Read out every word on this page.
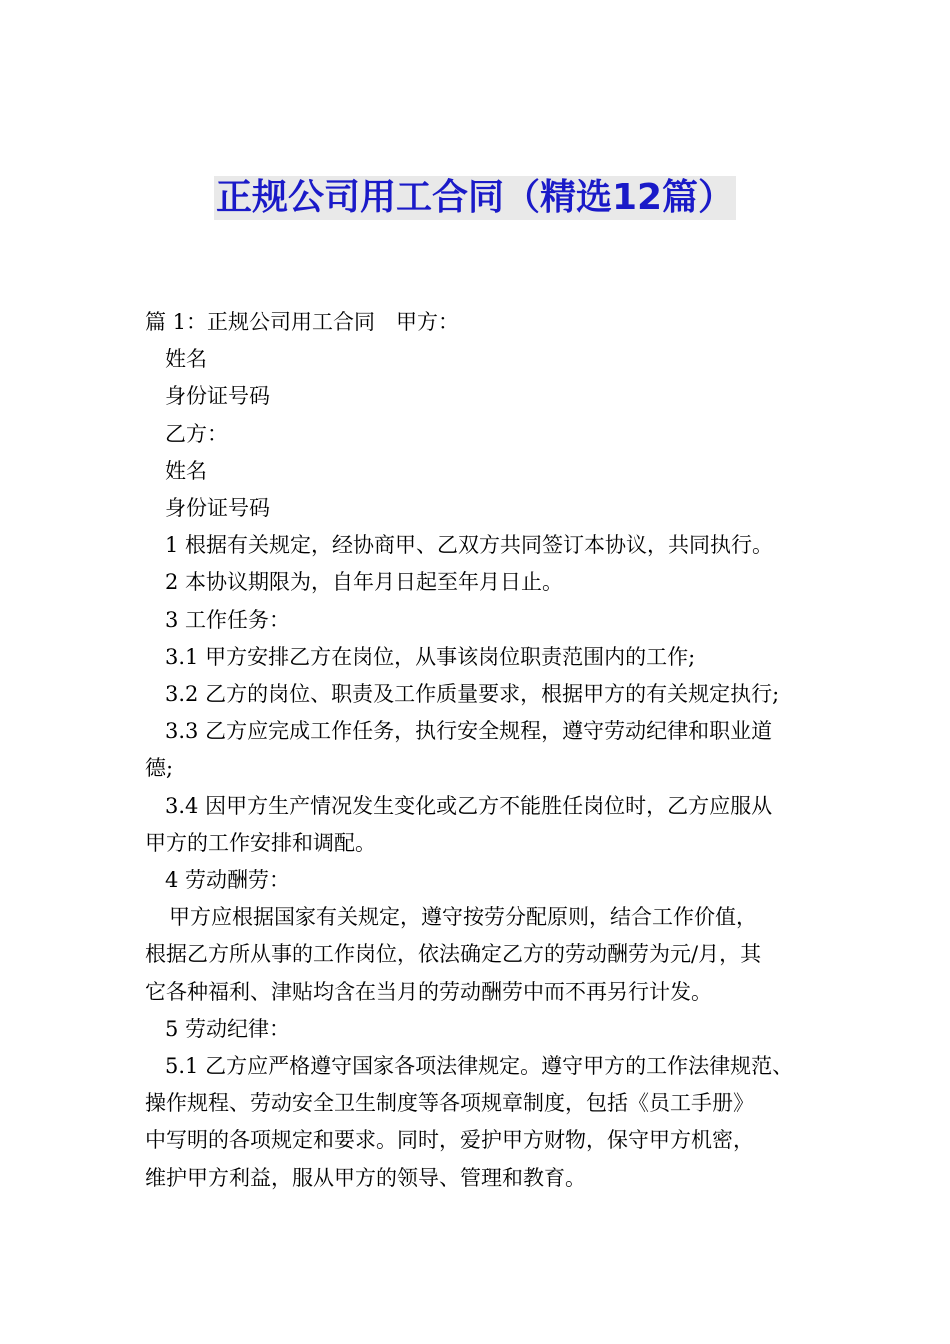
正规公司用工合同（精选12篇）

篇 1：正规公司用工合同　甲方：

姓名

身份证号码

乙方：

姓名

身份证号码

1 根据有关规定，经协商甲、乙双方共同签订本协议，共同执行。

2 本协议期限为，自年月日起至年月日止。

3 工作任务：

3.1 甲方安排乙方在岗位，从事该岗位职责范围内的工作;

3.2 乙方的岗位、职责及工作质量要求，根据甲方的有关规定执行;

3.3 乙方应完成工作任务，执行安全规程，遵守劳动纪律和职业道

德;

3.4 因甲方生产情况发生变化或乙方不能胜任岗位时，乙方应服从

甲方的工作安排和调配。

4 劳动酬劳：

甲方应根据国家有关规定，遵守按劳分配原则，结合工作价值，

根据乙方所从事的工作岗位，依法确定乙方的劳动酬劳为元/月，其

它各种福利、津贴均含在当月的劳动酬劳中而不再另行计发。

5 劳动纪律：

5.1 乙方应严格遵守国家各项法律规定。遵守甲方的工作法律规范、

操作规程、劳动安全卫生制度等各项规章制度，包括《员工手册》

中写明的各项规定和要求。同时，爱护甲方财物，保守甲方机密，

维护甲方利益，服从甲方的领导、管理和教育。
